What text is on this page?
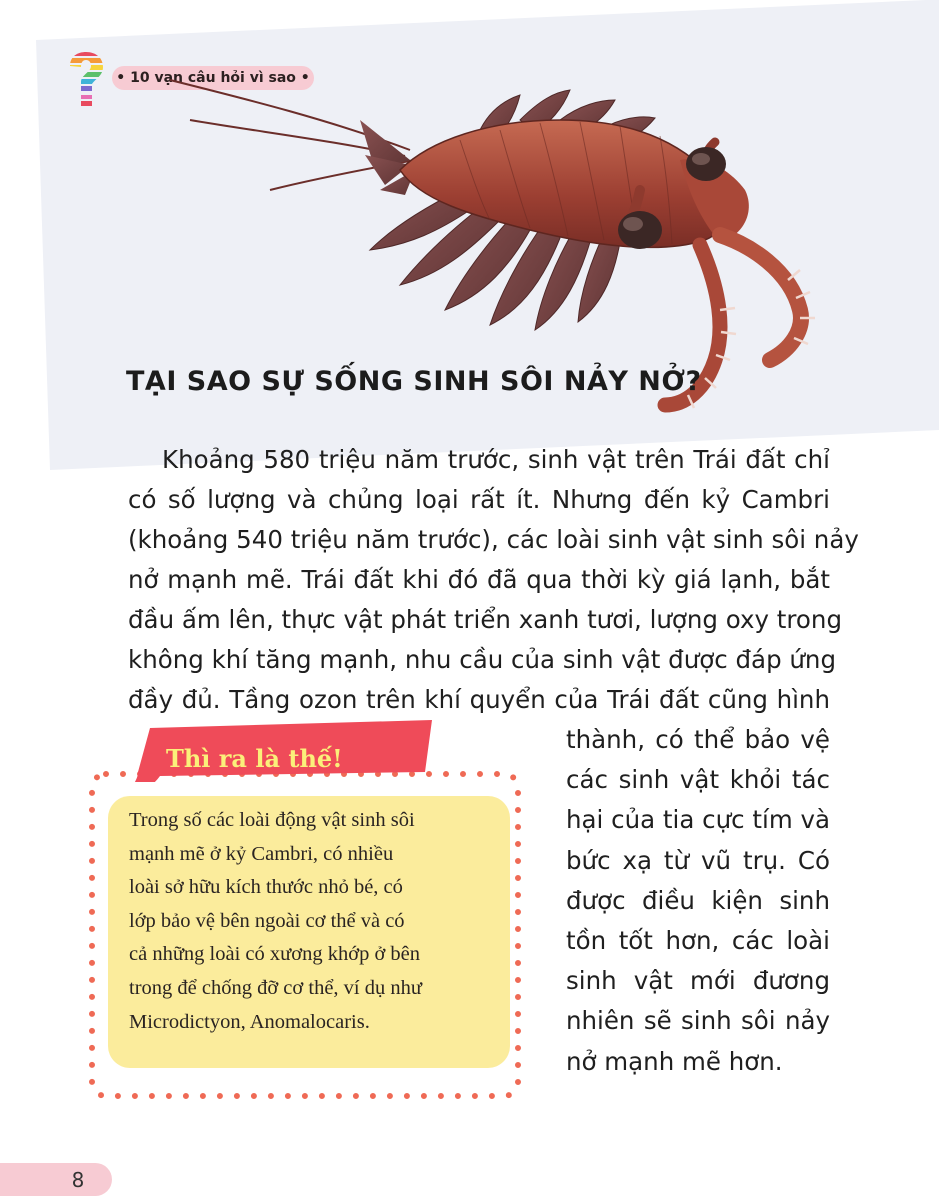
• 10 vạn câu hỏi vì sao •
TẠI SAO SỰ SỐNG SINH SÔI NẢY NỞ?
Khoảng 580 triệu năm trước, sinh vật trên Trái đất chỉ
có số lượng và chủng loại rất ít. Nhưng đến kỷ Cambri
(khoảng 540 triệu năm trước), các loài sinh vật sinh sôi nảy
nở mạnh mẽ. Trái đất khi đó đã qua thời kỳ giá lạnh, bắt
đầu ấm lên, thực vật phát triển xanh tươi, lượng oxy trong
không khí tăng mạnh, nhu cầu của sinh vật được đáp ứng
đầy đủ. Tầng ozon trên khí quyển của Trái đất cũng hình
thành, có thể bảo vệ
các sinh vật khỏi tác
hại của tia cực tím và
bức xạ từ vũ trụ. Có
được điều kiện sinh
tồn tốt hơn, các loài
sinh vật mới đương
nhiên sẽ sinh sôi nảy
nở mạnh mẽ hơn.
Thì ra là thế!
Trong số các loài động vật sinh sôi
mạnh mẽ ở kỷ Cambri, có nhiều
loài sở hữu kích thước nhỏ bé, có
lớp bảo vệ bên ngoài cơ thể và có
cả những loài có xương khớp ở bên
trong để chống đỡ cơ thể, ví dụ như
Microdictyon, Anomalocaris.
8
